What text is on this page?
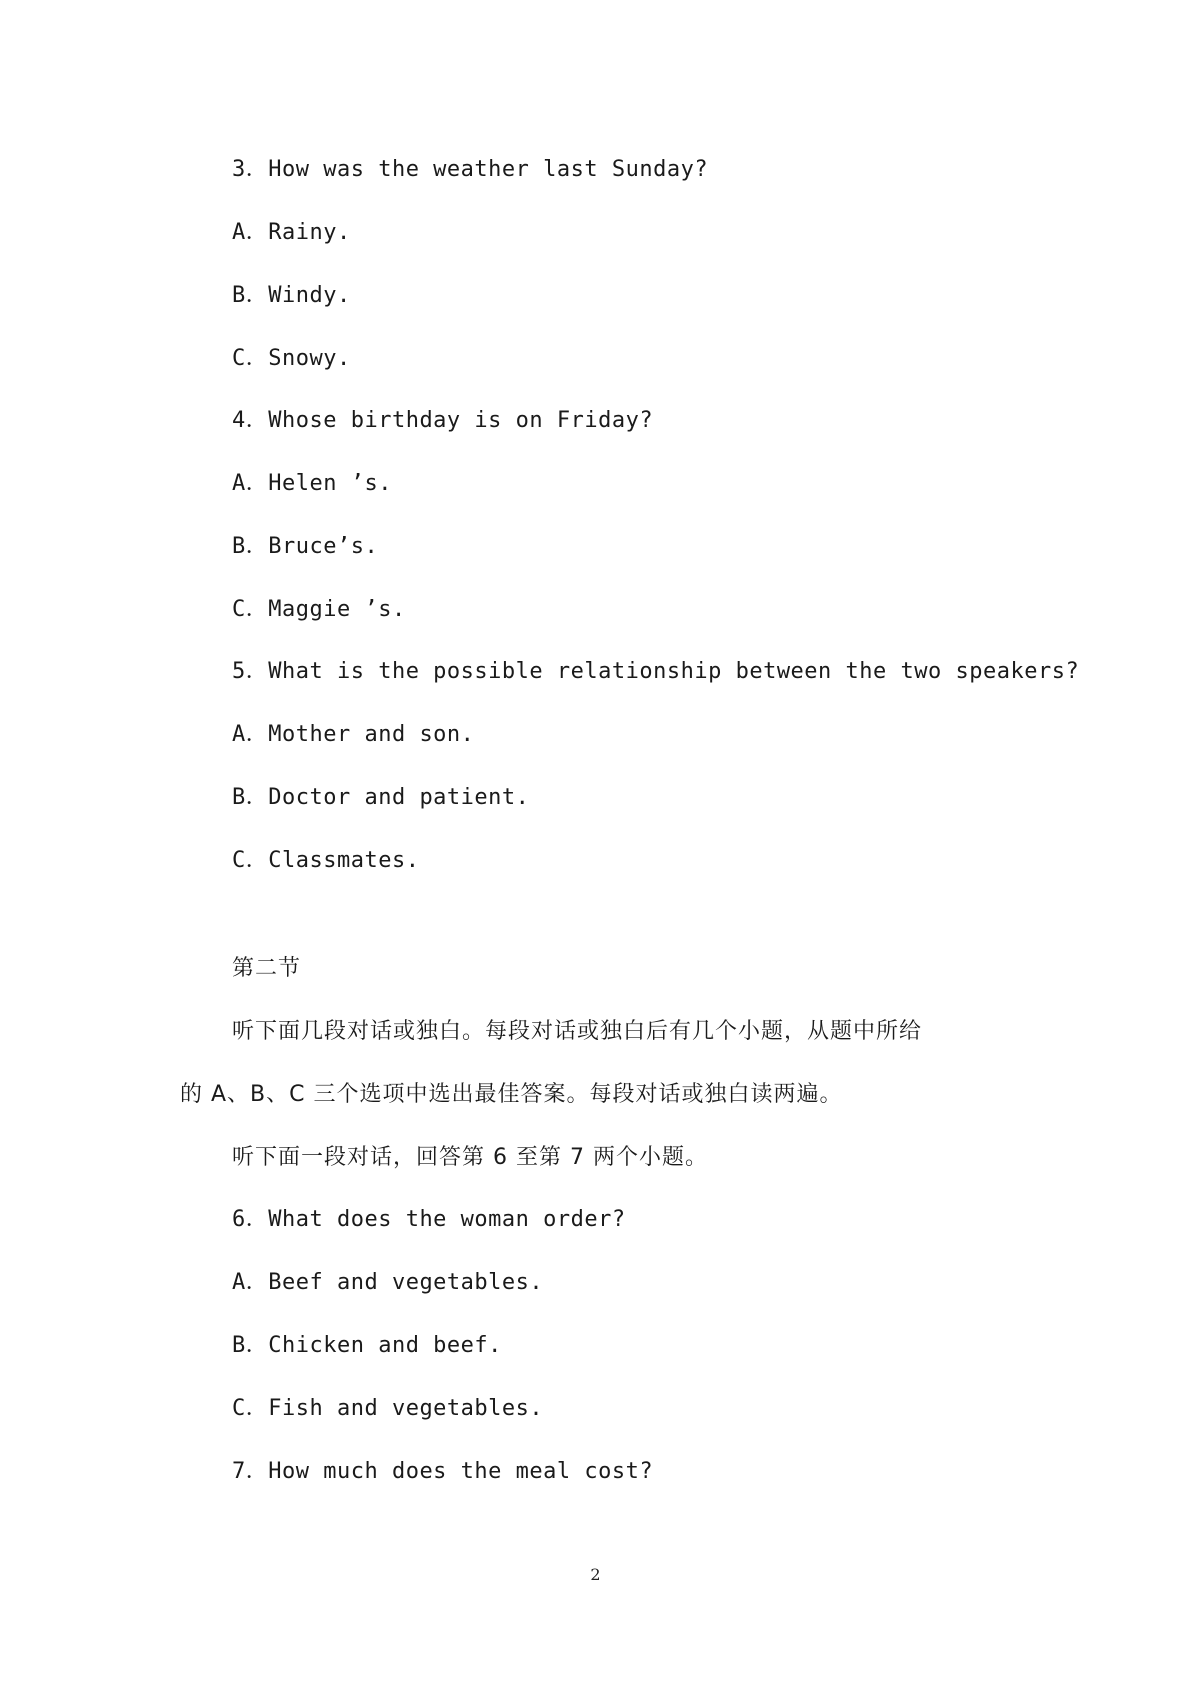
3．How was the weather last Sunday?
A．Rainy.
B．Windy.
C．Snowy.
4．Whose birthday is on Friday?
A．Helen ’s.
B．Bruce’s.
C．Maggie ’s.
5．What is the possible relationship between the two speakers?
A．Mother and son.
B．Doctor and patient.
C．Classmates.
第二节
听下面几段对话或独白。每段对话或独白后有几个小题，从题中所给
的 A、B、C 三个选项中选出最佳答案。每段对话或独白读两遍。
听下面一段对话，回答第 6 至第 7 两个小题。
6．What does the woman order?
A．Beef and vegetables.
B．Chicken and beef.
C．Fish and vegetables.
7．How much does the meal cost?
2
